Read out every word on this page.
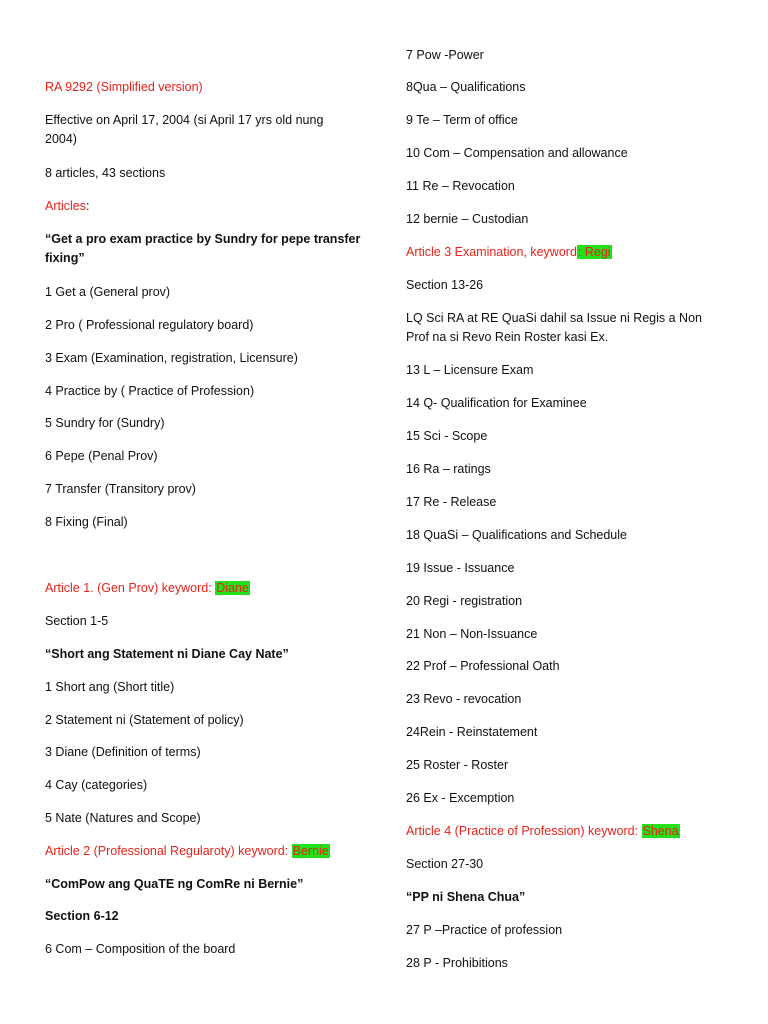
RA 9292 (Simplified version)
Effective on April 17, 2004 (si April 17 yrs old nung 2004)
8 articles, 43 sections
Articles:
“Get a pro exam practice by Sundry for pepe transfer fixing”
1 Get a (General prov)
2 Pro ( Professional regulatory board)
3 Exam (Examination, registration, Licensure)
4 Practice by ( Practice of Profession)
5 Sundry for (Sundry)
6 Pepe (Penal Prov)
7 Transfer (Transitory prov)
8 Fixing (Final)
Article 1. (Gen Prov) keyword: Diane
Section 1-5
“Short ang Statement ni Diane Cay Nate”
1 Short ang (Short title)
2 Statement ni (Statement of policy)
3 Diane (Definition of terms)
4 Cay (categories)
5 Nate (Natures and Scope)
Article 2 (Professional Regularoty) keyword: Bernie
“ComPow ang QuaTE ng ComRe ni Bernie”
Section 6-12
6 Com – Composition of the board
7 Pow -Power
8Qua – Qualifications
9 Te – Term of office
10 Com – Compensation and allowance
11 Re – Revocation
12 bernie – Custodian
Article 3 Examination, keyword: Regi
Section 13-26
LQ Sci RA at RE QuaSi dahil sa Issue ni Regis a Non Prof na si Revo Rein Roster kasi Ex.
13 L – Licensure Exam
14 Q- Qualification for Examinee
15 Sci - Scope
16 Ra – ratings
17 Re - Release
18 QuaSi – Qualifications and Schedule
19 Issue - Issuance
20 Regi - registration
21 Non – Non-Issuance
22 Prof – Professional Oath
23 Revo - revocation
24Rein - Reinstatement
25 Roster - Roster
26 Ex - Excemption
Article 4 (Practice of Profession) keyword: Shena
Section 27-30
“PP ni Shena Chua”
27 P –Practice of profession
28 P - Prohibitions
